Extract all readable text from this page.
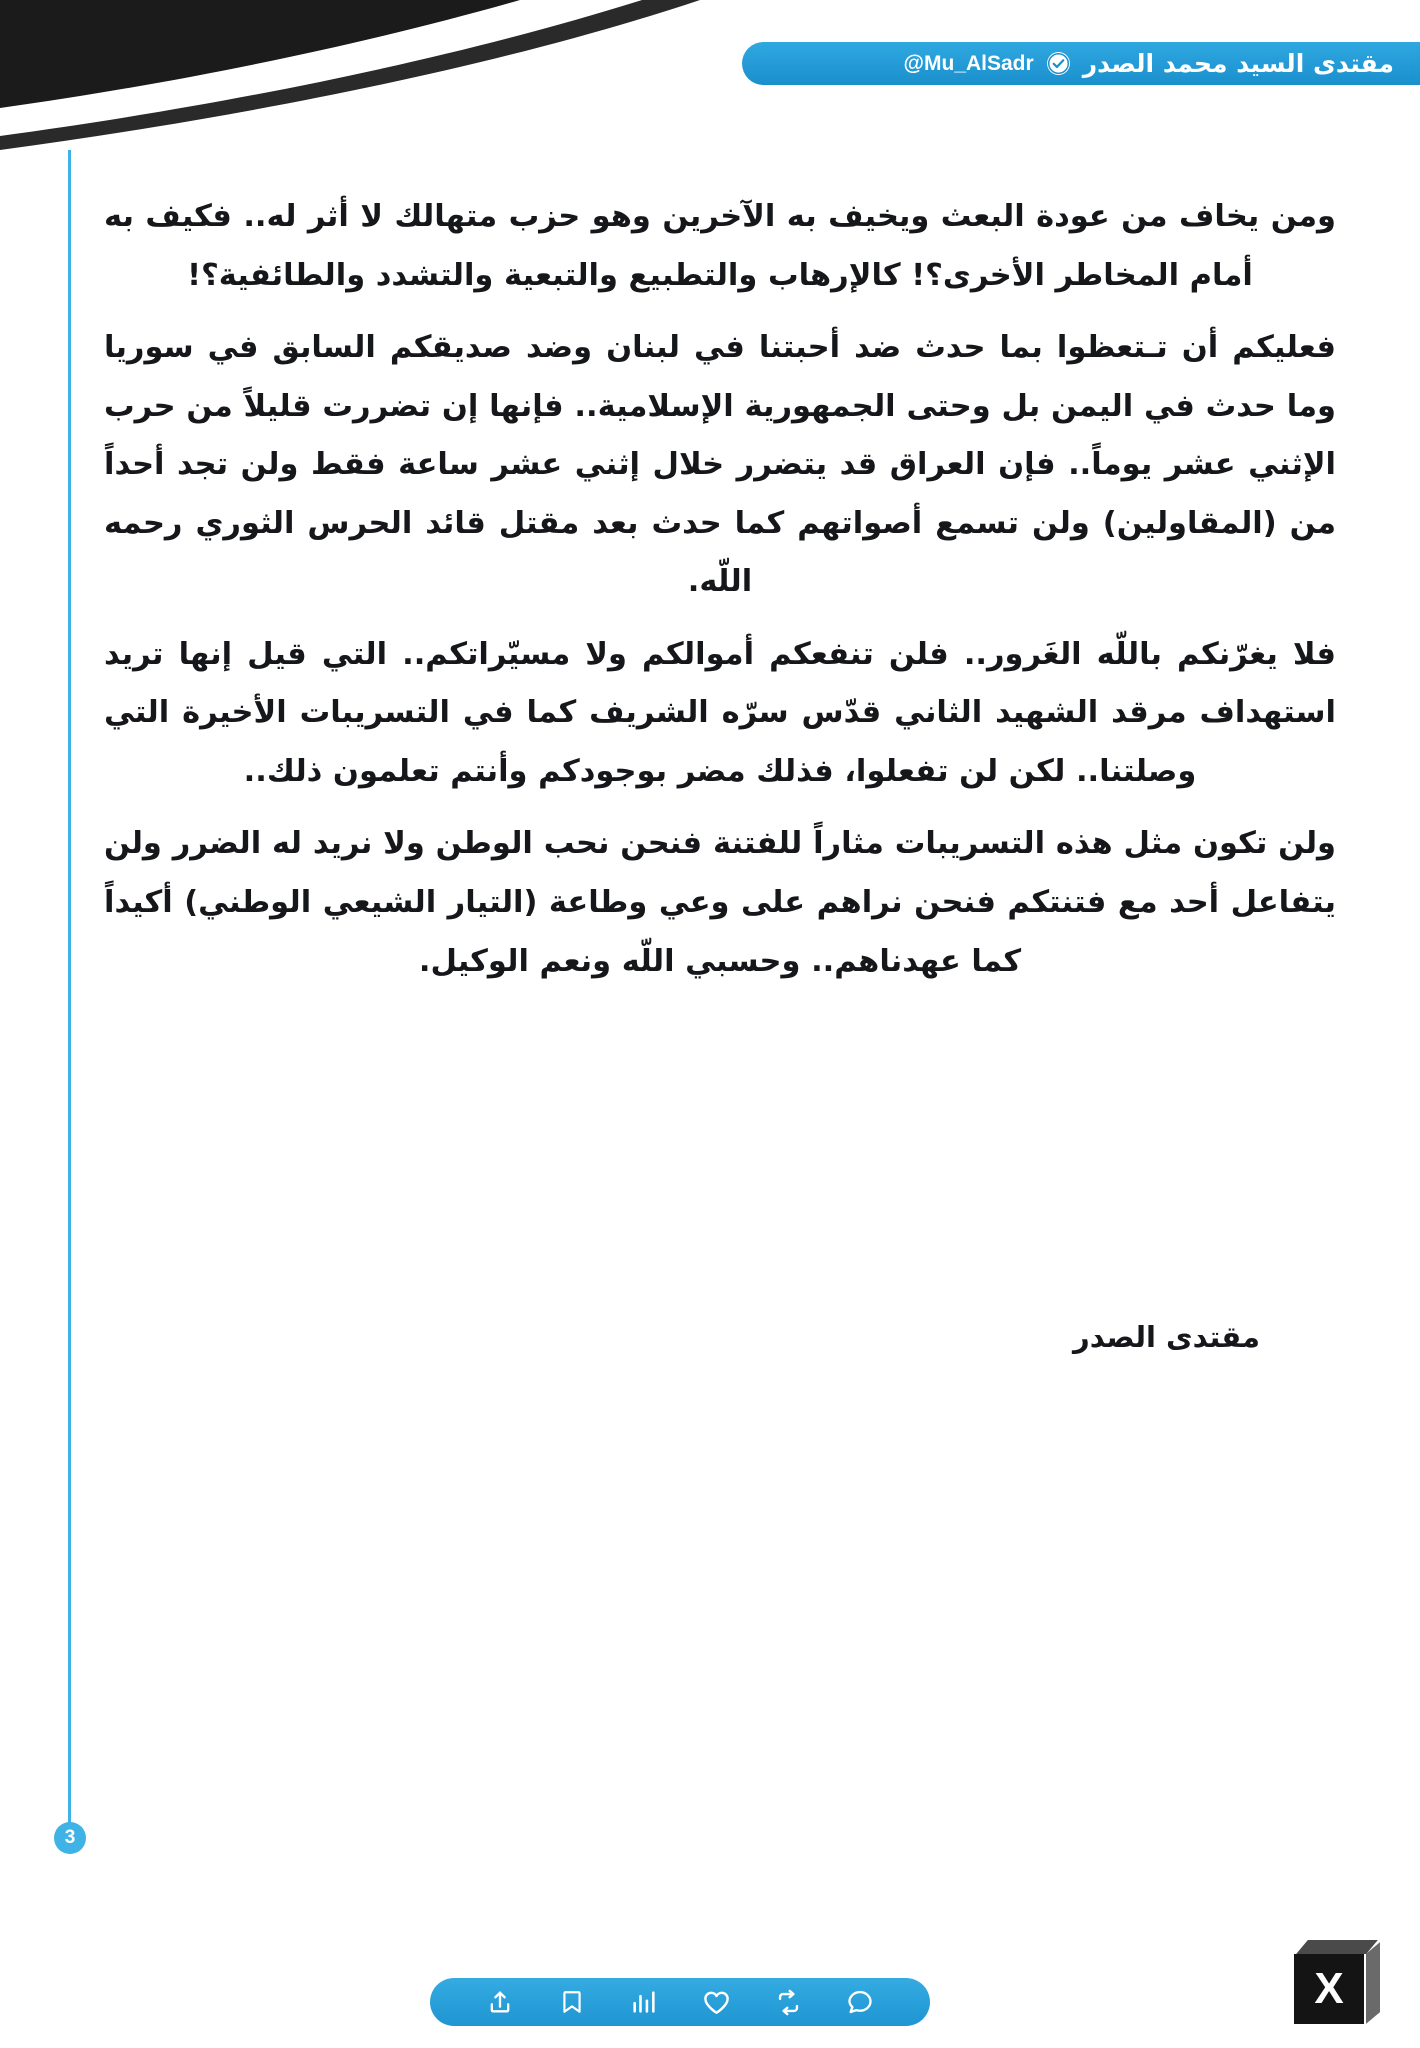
مقتدى السيد محمد الصدر
@Mu_AlSadr
3

ومن يخاف من عودة البعث ويخيف به الآخرين وهو حزب متهالك لا أثر له.. فكيف به أمام المخاطر الأخرى؟! كالإرهاب والتطبيع والتبعية والتشدد والطائفية؟!

فعليكم أن تـتعظوا بما حدث ضد أحبتنا في لبنان وضد صديقكم السابق في سوريا وما حدث في اليمن بل وحتى الجمهورية الإسلامية.. فإنها إن تضررت قليلاً من حرب الإثني عشر يوماً.. فإن العراق قد يتضرر خلال إثني عشر ساعة فقط ولن تجد أحداً من (المقاولين) ولن تسمع أصواتهم كما حدث بعد مقتل قائد الحرس الثوري رحمه اللّه.

فلا يغرّنكم باللّه الغَرور.. فلن تنفعكم أموالكم ولا مسيّراتكم.. التي قيل إنها تريد استهداف مرقد الشهيد الثاني قدّس سرّه الشريف كما في التسريبات الأخيرة التي وصلتنا.. لكن لن تفعلوا، فذلك مضر بوجودكم وأنتم تعلمون ذلك..

ولن تكون مثل هذه التسريبات مثاراً للفتنة فنحن نحب الوطن ولا نريد له الضرر ولن يتفاعل أحد مع فتنتكم فنحن نراهم على وعي وطاعة (التيار الشيعي الوطني) أكيداً كما عهدناهم.. وحسبي اللّه ونعم الوكيل.

مقتدى الصدر
X
